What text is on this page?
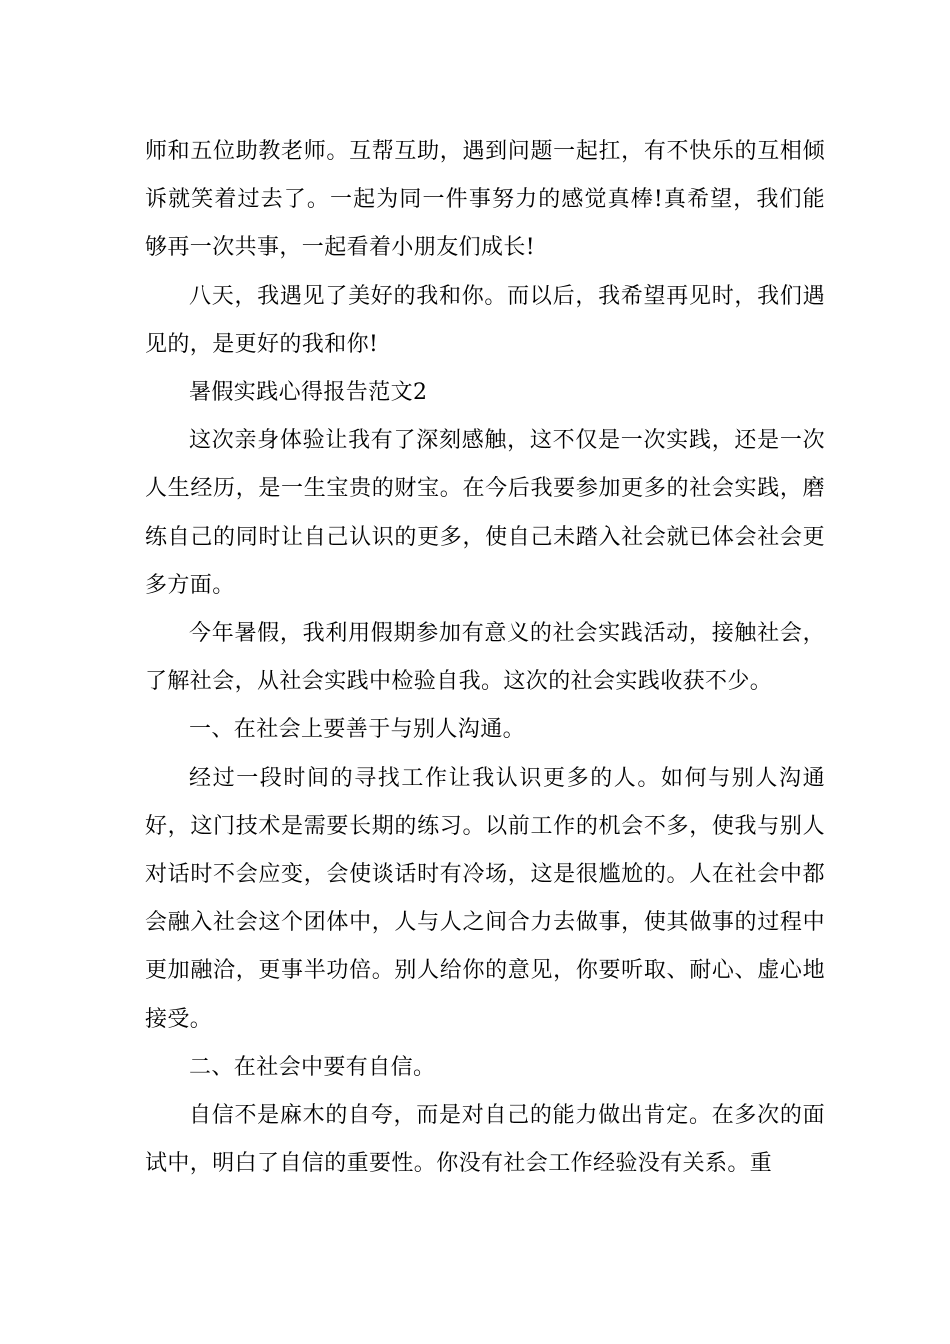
师和五位助教老师。互帮互助，遇到问题一起扛，有不快乐的互相倾诉就笑着过去了。一起为同一件事努力的感觉真棒!真希望，我们能够再一次共事，一起看着小朋友们成长!

八天，我遇见了美好的我和你。而以后，我希望再见时，我们遇见的，是更好的我和你!

暑假实践心得报告范文2

这次亲身体验让我有了深刻感触，这不仅是一次实践，还是一次人生经历，是一生宝贵的财宝。在今后我要参加更多的社会实践，磨练自己的同时让自己认识的更多，使自己未踏入社会就已体会社会更多方面。

今年暑假，我利用假期参加有意义的社会实践活动，接触社会，了解社会，从社会实践中检验自我。这次的社会实践收获不少。

一、在社会上要善于与别人沟通。

经过一段时间的寻找工作让我认识更多的人。如何与别人沟通好，这门技术是需要长期的练习。以前工作的机会不多，使我与别人对话时不会应变，会使谈话时有冷场，这是很尴尬的。人在社会中都会融入社会这个团体中，人与人之间合力去做事，使其做事的过程中更加融洽，更事半功倍。别人给你的意见，你要听取、耐心、虚心地接受。

二、在社会中要有自信。

自信不是麻木的自夸，而是对自己的能力做出肯定。在多次的面试中，明白了自信的重要性。你没有社会工作经验没有关系。重
